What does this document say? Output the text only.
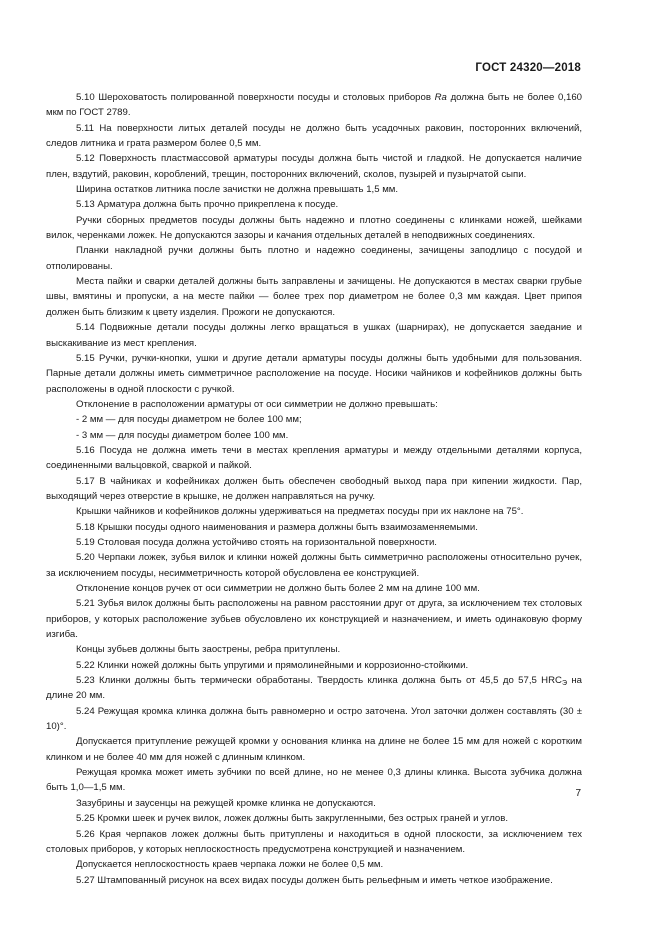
ГОСТ 24320—2018

5.10 Шероховатость полированной поверхности посуды и столовых приборов Ra должна быть не более 0,160 мкм по ГОСТ 2789.

5.11 На поверхности литых деталей посуды не должно быть усадочных раковин, посторонних включений, следов литника и грата размером более 0,5 мм.

5.12 Поверхность пластмассовой арматуры посуды должна быть чистой и гладкой. Не допускается наличие плен, вздутий, раковин, короблений, трещин, посторонних включений, сколов, пузырей и пузырчатой сыпи.

Ширина остатков литника после зачистки не должна превышать 1,5 мм.

5.13 Арматура должна быть прочно прикреплена к посуде.

Ручки сборных предметов посуды должны быть надежно и плотно соединены с клинками ножей, шейками вилок, черенками ложек. Не допускаются зазоры и качания отдельных деталей в неподвижных соединениях.

Планки накладной ручки должны быть плотно и надежно соединены, зачищены заподлицо с посудой и отполированы.

Места пайки и сварки деталей должны быть заправлены и зачищены. Не допускаются в местах сварки грубые швы, вмятины и пропуски, а на месте пайки — более трех пор диаметром не более 0,3 мм каждая. Цвет припоя должен быть близким к цвету изделия. Прожоги не допускаются.

5.14 Подвижные детали посуды должны легко вращаться в ушках (шарнирах), не допускается заедание и выскакивание из мест крепления.

5.15 Ручки, ручки-кнопки, ушки и другие детали арматуры посуды должны быть удобными для пользования. Парные детали должны иметь симметричное расположение на посуде. Носики чайников и кофейников должны быть расположены в одной плоскости с ручкой.

Отклонение в расположении арматуры от оси симметрии не должно превышать:

- 2 мм — для посуды диаметром не более 100 мм;

- 3 мм — для посуды диаметром более 100 мм.

5.16 Посуда не должна иметь течи в местах крепления арматуры и между отдельными деталями корпуса, соединенными вальцовкой, сваркой и пайкой.

5.17 В чайниках и кофейниках должен быть обеспечен свободный выход пара при кипении жидкости. Пар, выходящий через отверстие в крышке, не должен направляться на ручку.

Крышки чайников и кофейников должны удерживаться на предметах посуды при их наклоне на 75°.

5.18 Крышки посуды одного наименования и размера должны быть взаимозаменяемыми.

5.19 Столовая посуда должна устойчиво стоять на горизонтальной поверхности.

5.20 Черпаки ложек, зубья вилок и клинки ножей должны быть симметрично расположены относительно ручек, за исключением посуды, несимметричность которой обусловлена ее конструкцией.

Отклонение концов ручек от оси симметрии не должно быть более 2 мм на длине 100 мм.

5.21 Зубья вилок должны быть расположены на равном расстоянии друг от друга, за исключением тех столовых приборов, у которых расположение зубьев обусловлено их конструкцией и назначением, и иметь одинаковую форму изгиба.

Концы зубьев должны быть заострены, ребра притуплены.

5.22 Клинки ножей должны быть упругими и прямолинейными и коррозионно-стойкими.

5.23 Клинки должны быть термически обработаны. Твердость клинка должна быть от 45,5 до 57,5 $HRC_Э$ на длине 20 мм.

5.24 Режущая кромка клинка должна быть равномерно и остро заточена. Угол заточки должен составлять (30 ± 10)°.

Допускается притупление режущей кромки у основания клинка на длине не более 15 мм для ножей с коротким клинком и не более 40 мм для ножей с длинным клинком.

Режущая кромка может иметь зубчики по всей длине, но не менее 0,3 длины клинка. Высота зубчика должна быть 1,0—1,5 мм.

Зазубрины и заусенцы на режущей кромке клинка не допускаются.

5.25 Кромки шеек и ручек вилок, ложек должны быть закругленными, без острых граней и углов.

5.26 Края черпаков ложек должны быть притуплены и находиться в одной плоскости, за исключением тех столовых приборов, у которых неплоскостность предусмотрена конструкцией и назначением.

Допускается неплоскостность краев черпака ложки не более 0,5 мм.

5.27 Штампованный рисунок на всех видах посуды должен быть рельефным и иметь четкое изображение.

7
